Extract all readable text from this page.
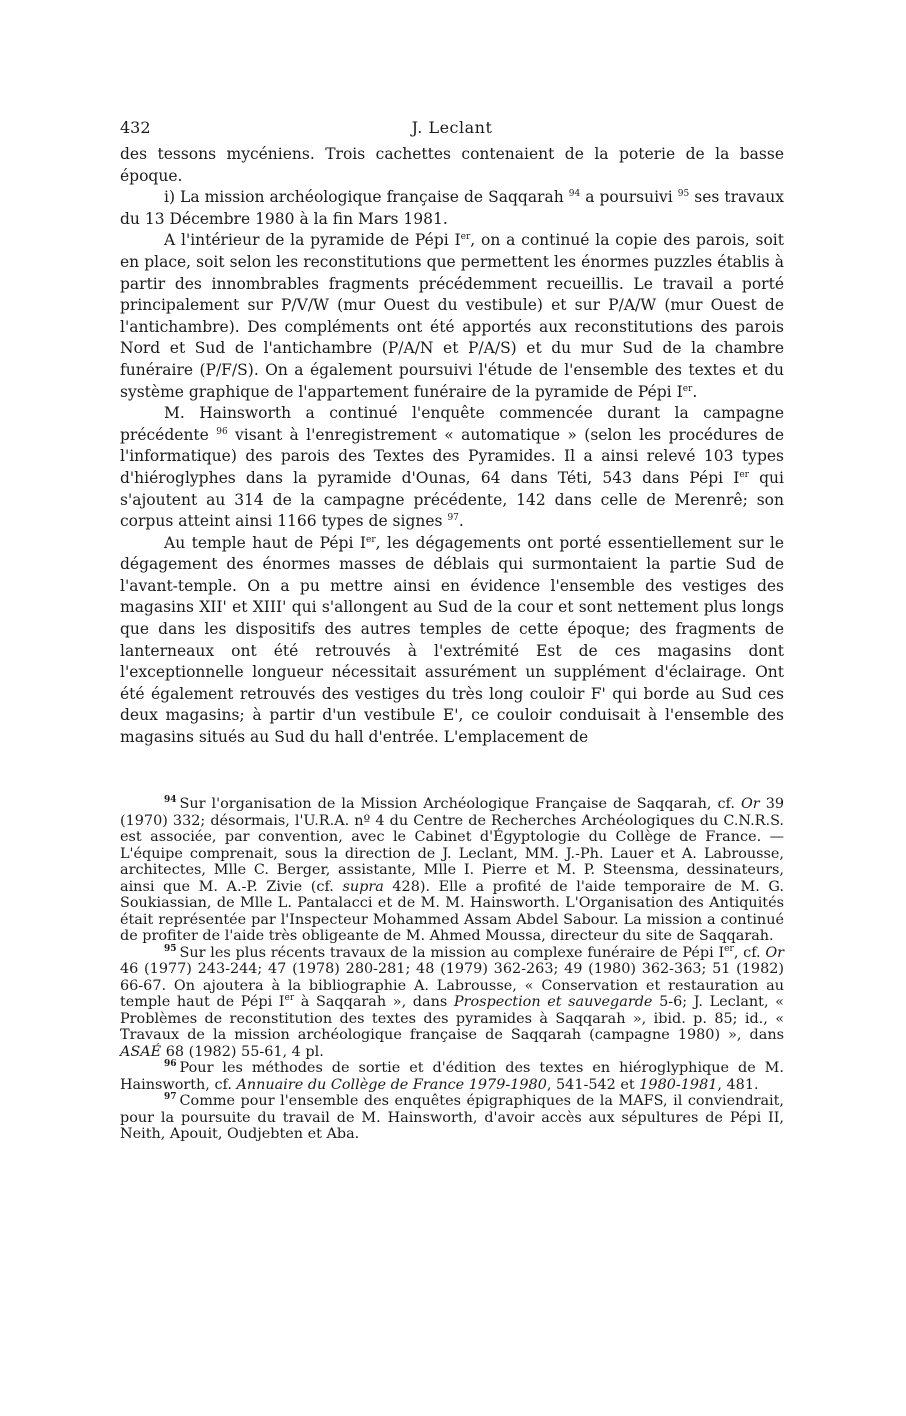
432	J. Leclant

des tessons mycéniens. Trois cachettes contenaient de la poterie de la basse époque.

i) La mission archéologique française de Saqqarah $^{94}$ a poursuivi $^{95}$ ses travaux du 13 Décembre 1980 à la fin Mars 1981.

A l'intérieur de la pyramide de Pépi Ier, on a continué la copie des parois, soit en place, soit selon les reconstitutions que permettent les énormes puzzles établis à partir des innombrables fragments précédemment recueillis. Le travail a porté principalement sur P/V/W (mur Ouest du vestibule) et sur P/A/W (mur Ouest de l'antichambre). Des compléments ont été apportés aux reconstitutions des parois Nord et Sud de l'antichambre (P/A/N et P/A/S) et du mur Sud de la chambre funéraire (P/F/S). On a également poursuivi l'étude de l'ensemble des textes et du système graphique de l'appartement funéraire de la pyramide de Pépi Ier.

M. Hainsworth a continué l'enquête commencée durant la campagne précédente $^{96}$ visant à l'enregistrement « automatique » (selon les procédures de l'informatique) des parois des Textes des Pyramides. Il a ainsi relevé 103 types d'hiéroglyphes dans la pyramide d'Ounas, 64 dans Téti, 543 dans Pépi Ier qui s'ajoutent au 314 de la campagne précédente, 142 dans celle de Merenrê; son corpus atteint ainsi 1166 types de signes $^{97}$.

Au temple haut de Pépi Ier, les dégagements ont porté essentiellement sur le dégagement des énormes masses de déblais qui surmontaient la partie Sud de l'avant-temple. On a pu mettre ainsi en évidence l'ensemble des vestiges des magasins XII' et XIII' qui s'allongent au Sud de la cour et sont nettement plus longs que dans les dispositifs des autres temples de cette époque; des fragments de lanterneaux ont été retrouvés à l'extrémité Est de ces magasins dont l'exceptionnelle longueur nécessitait assurément un supplément d'éclairage. Ont été également retrouvés des vestiges du très long couloir F' qui borde au Sud ces deux magasins; à partir d'un vestibule E', ce couloir conduisait à l'ensemble des magasins situés au Sud du hall d'entrée. L'emplacement de

$^{94}$ Sur l'organisation de la Mission Archéologique Française de Saqqarah, cf. Or 39 (1970) 332; désormais, l'U.R.A. nº 4 du Centre de Recherches Archéologiques du C.N.R.S. est associée, par convention, avec le Cabinet d'Égyptologie du Collège de France. — L'équipe comprenait, sous la direction de J. Leclant, MM. J.-Ph. Lauer et A. Labrousse, architectes, Mlle C. Berger, assistante, Mlle I. Pierre et M. P. Steensma, dessinateurs, ainsi que M. A.-P. Zivie (cf. supra 428). Elle a profité de l'aide temporaire de M. G. Soukiassian, de Mlle L. Pantalacci et de M. M. Hainsworth. L'Organisation des Antiquités était représentée par l'Inspecteur Mohammed Assam Abdel Sabour. La mission a continué de profiter de l'aide très obligeante de M. Ahmed Moussa, directeur du site de Saqqarah.

$^{95}$ Sur les plus récents travaux de la mission au complexe funéraire de Pépi Ier, cf. Or 46 (1977) 243-244; 47 (1978) 280-281; 48 (1979) 362-263; 49 (1980) 362-363; 51 (1982) 66-67. On ajoutera à la bibliographie A. Labrousse, « Conservation et restauration au temple haut de Pépi Ier à Saqqarah », dans Prospection et sauvegarde 5-6; J. Leclant, « Problèmes de reconstitution des textes des pyramides à Saqqarah », ibid. p. 85; id., « Travaux de la mission archéologique française de Saqqarah (campagne 1980) », dans ASAÉ 68 (1982) 55-61, 4 pl.

$^{96}$ Pour les méthodes de sortie et d'édition des textes en hiéroglyphique de M. Hainsworth, cf. Annuaire du Collège de France 1979-1980, 541-542 et 1980-1981, 481.

$^{97}$ Comme pour l'ensemble des enquêtes épigraphiques de la MAFS, il conviendrait, pour la poursuite du travail de M. Hainsworth, d'avoir accès aux sépultures de Pépi II, Neith, Apouit, Oudjebten et Aba.
